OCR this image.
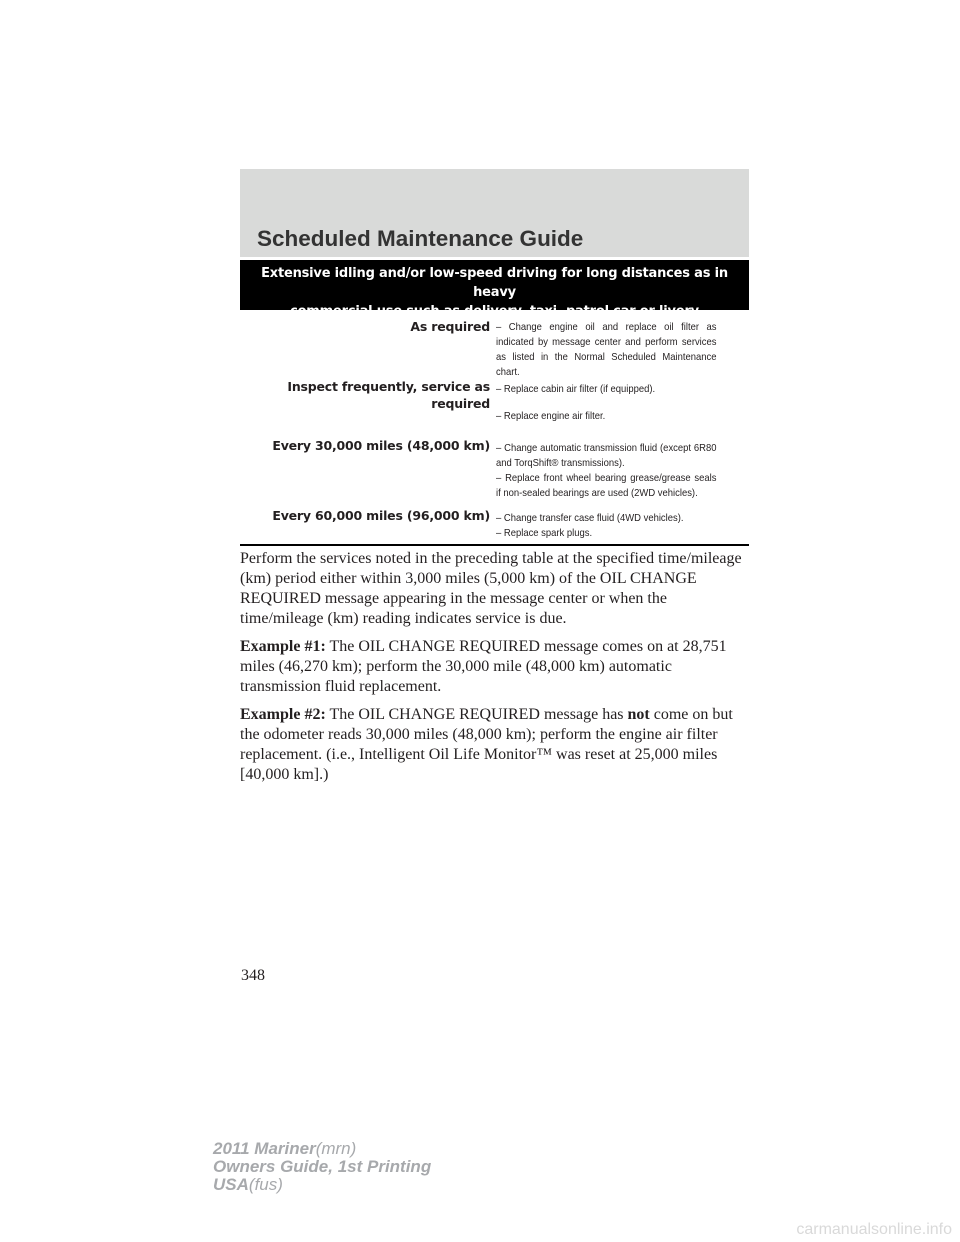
Scheduled Maintenance Guide
Extensive idling and/or low-speed driving for long distances as in heavy
commercial use such as delivery, taxi, patrol car or livery
As required – Change engine oil and replace oil filter as indicated by message center and perform services as listed in the Normal Scheduled Maintenance chart.

Inspect frequently, service as
required

– Replace cabin air filter (if equipped).

– Replace engine air filter.

Every 30,000 miles (48,000 km) – Change automatic transmission fluid (except 6R80 and TorqShift® transmissions).

– Replace front wheel bearing grease/grease seals if non-sealed bearings are used (2WD vehicles).

Every 60,000 miles (96,000 km) – Change transfer case fluid (4WD vehicles).

– Replace spark plugs.

Perform the services noted in the preceding table at the specified time/mileage (km) period either within 3,000 miles (5,000 km) of the OIL CHANGE REQUIRED message appearing in the message center or when the time/mileage (km) reading indicates service is due.

Example #1: The OIL CHANGE REQUIRED message comes on at 28,751 miles (46,270 km); perform the 30,000 mile (48,000 km) automatic transmission fluid replacement.

Example #2: The OIL CHANGE REQUIRED message has not come on but the odometer reads 30,000 miles (48,000 km); perform the engine air filter replacement. (i.e., Intelligent Oil Life Monitor™ was reset at 25,000 miles [40,000 km].)

348
2011 Mariner(mrn)
Owners Guide, 1st Printing
USA(fus)
carmanualsonline.info
